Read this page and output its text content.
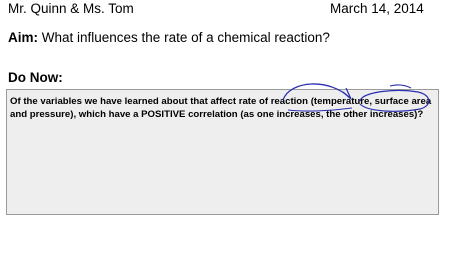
Mr. Quinn & Ms. Tom	March 14, 2014
Aim: What influences the rate of a chemical reaction?
Do Now:

Of the variables we have learned about that affect rate of reaction (temperature, surface area and pressure), which have a POSITIVE correlation (as one increases, the other increases)?
